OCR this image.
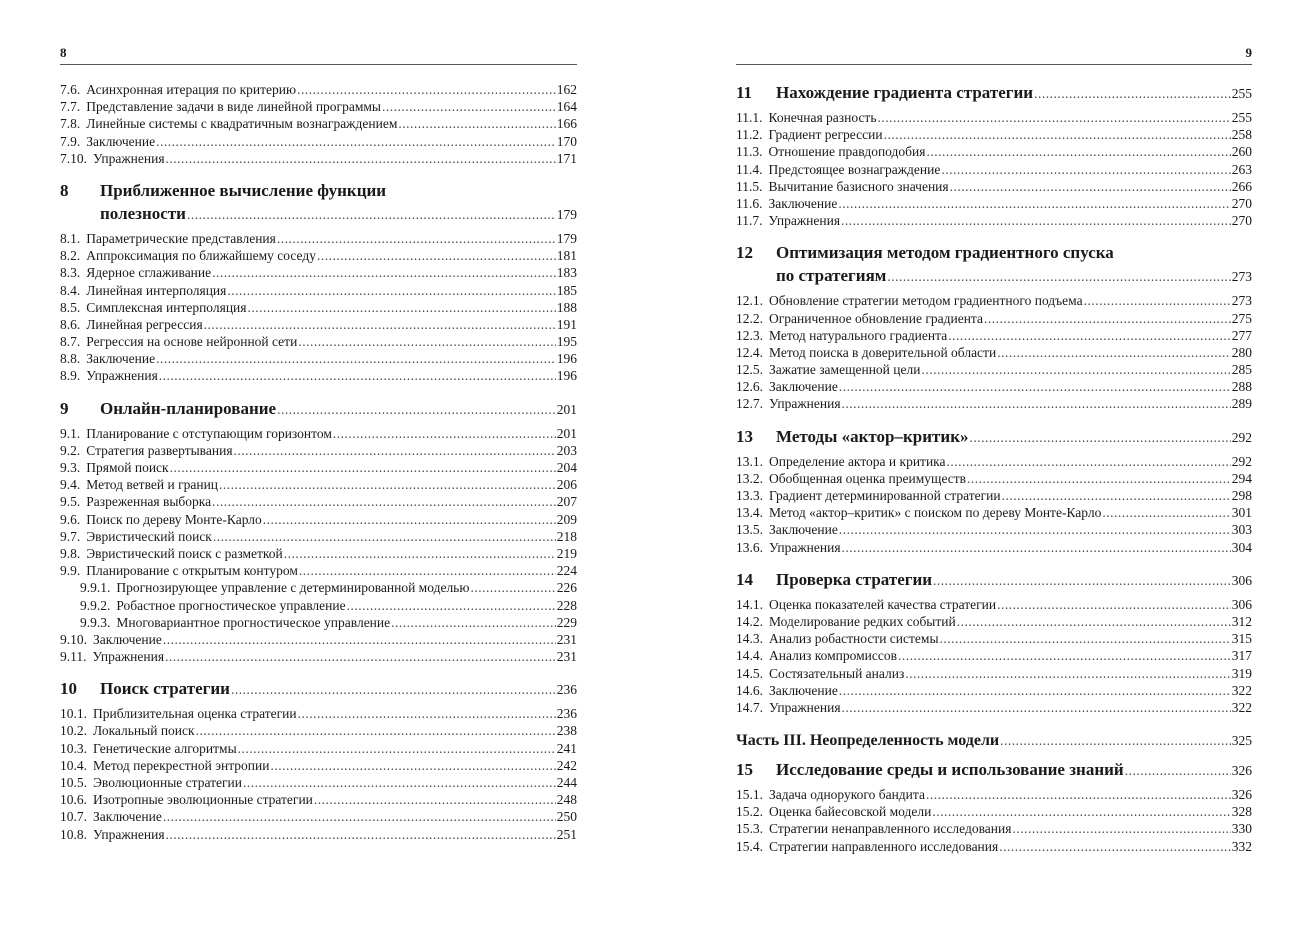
8
7.6. Асинхронная итерация по критерию .....	162
7.7. Представление задачи в виде линейной программы .....	164
7.8. Линейные системы с квадратичным вознаграждением .....	166
7.9. Заключение .....	170
7.10. Упражнения .....	171
8	Приближенное вычисление функции
полезности .....	179
8.1. Параметрические представления .....	179
8.2. Аппроксимация по ближайшему соседу .....	181
8.3. Ядерное сглаживание .....	183
8.4. Линейная интерполяция .....	185
8.5. Симплексная интерполяция .....	188
8.6. Линейная регрессия .....	191
8.7. Регрессия на основе нейронной сети .....	195
8.8. Заключение .....	196
8.9. Упражнения .....	196
9	Онлайн-планирование .....	201
9.1. Планирование с отступающим горизонтом .....	201
9.2. Стратегия развертывания .....	203
9.3. Прямой поиск .....	204
9.4. Метод ветвей и границ .....	206
9.5. Разреженная выборка .....	207
9.6. Поиск по дереву Монте-Карло .....	209
9.7. Эвристический поиск .....	218
9.8. Эвристический поиск с разметкой .....	219
9.9. Планирование с открытым контуром .....	224
9.9.1. Прогнозирующее управление с детерминированной моделью .....	226
9.9.2. Робастное прогностическое управление .....	228
9.9.3. Многовариантное прогностическое управление .....	229
9.10. Заключение .....	231
9.11. Упражнения .....	231
10	Поиск стратегии .....	236
10.1. Приблизительная оценка стратегии .....	236
10.2. Локальный поиск .....	238
10.3. Генетические алгоритмы .....	241
10.4. Метод перекрестной энтропии .....	242
10.5. Эволюционные стратегии .....	244
10.6. Изотропные эволюционные стратегии .....	248
10.7. Заключение .....	250
10.8. Упражнения .....	251
9
11	Нахождение градиента стратегии .....	255
11.1. Конечная разность .....	255
11.2. Градиент регрессии .....	258
11.3. Отношение правдоподобия .....	260
11.4. Предстоящее вознаграждение .....	263
11.5. Вычитание базисного значения .....	266
11.6. Заключение .....	270
11.7. Упражнения .....	270
12	Оптимизация методом градиентного спуска
по стратегиям .....	273
12.1. Обновление стратегии методом градиентного подъема .....	273
12.2. Ограниченное обновление градиента .....	275
12.3. Метод натурального градиента .....	277
12.4. Метод поиска в доверительной области .....	280
12.5. Зажатие замещенной цели .....	285
12.6. Заключение .....	288
12.7. Упражнения .....	289
13	Методы «актор–критик» .....	292
13.1. Определение актора и критика .....	292
13.2. Обобщенная оценка преимуществ .....	294
13.3. Градиент детерминированной стратегии .....	298
13.4. Метод «актор–критик» с поиском по дереву Монте-Карло .....	301
13.5. Заключение .....	303
13.6. Упражнения .....	304
14	Проверка стратегии .....	306
14.1. Оценка показателей качества стратегии .....	306
14.2. Моделирование редких событий .....	312
14.3. Анализ робастности системы .....	315
14.4. Анализ компромиссов .....	317
14.5. Состязательный анализ .....	319
14.6. Заключение .....	322
14.7. Упражнения .....	322
Часть III. Неопределенность модели .....	325
15	Исследование среды и использование знаний .....	326
15.1. Задача однорукого бандита .....	326
15.2. Оценка байесовской модели .....	328
15.3. Стратегии ненаправленного исследования .....	330
15.4. Стратегии направленного исследования .....	332
